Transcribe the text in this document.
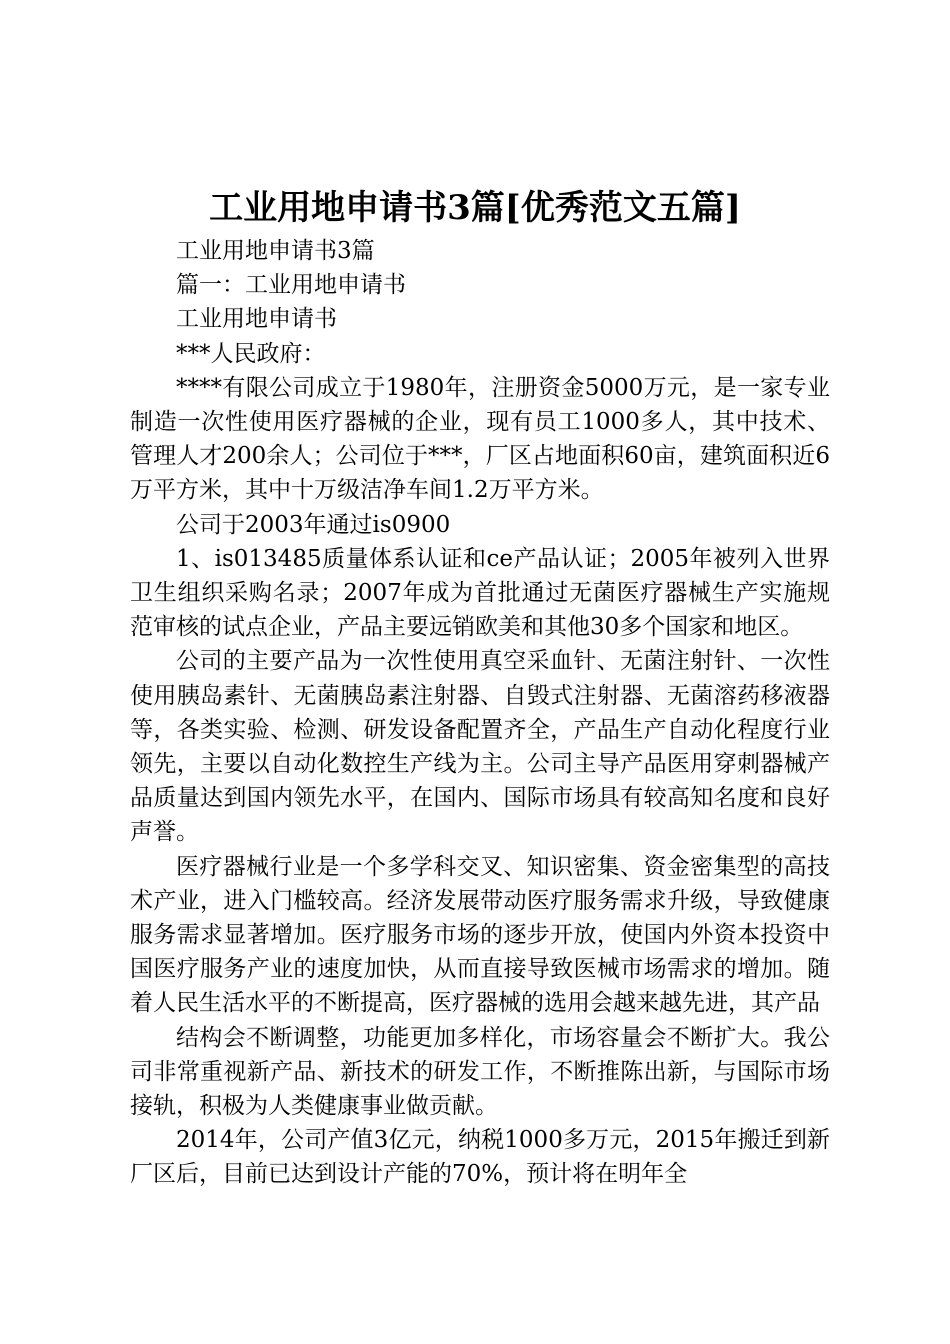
工业用地申请书3篇[优秀范文五篇]

工业用地申请书3篇

篇一：工业用地申请书

工业用地申请书

***人民政府：

****有限公司成立于1980年，注册资金5000万元，是一家专业制造一次性使用医疗器械的企业，现有员工1000多人，其中技术、管理人才200余人；公司位于***，厂区占地面积60亩，建筑面积近6万平方米，其中十万级洁净车间1.2万平方米。

公司于2003年通过is0900

1、is013485质量体系认证和ce产品认证；2005年被列入世界卫生组织采购名录；2007年成为首批通过无菌医疗器械生产实施规范审核的试点企业，产品主要远销欧美和其他30多个国家和地区。

公司的主要产品为一次性使用真空采血针、无菌注射针、一次性使用胰岛素针、无菌胰岛素注射器、自毁式注射器、无菌溶药移液器等，各类实验、检测、研发设备配置齐全，产品生产自动化程度行业领先，主要以自动化数控生产线为主。公司主导产品医用穿刺器械产品质量达到国内领先水平，在国内、国际市场具有较高知名度和良好声誉。

医疗器械行业是一个多学科交叉、知识密集、资金密集型的高技术产业，进入门槛较高。经济发展带动医疗服务需求升级，导致健康服务需求显著增加。医疗服务市场的逐步开放，使国内外资本投资中国医疗服务产业的速度加快，从而直接导致医械市场需求的增加。随着人民生活水平的不断提高，医疗器械的选用会越来越先进，其产品

结构会不断调整，功能更加多样化，市场容量会不断扩大。我公司非常重视新产品、新技术的研发工作，不断推陈出新，与国际市场接轨，积极为人类健康事业做贡献。

2014年，公司产值3亿元，纳税1000多万元，2015年搬迁到新厂区后，目前已达到设计产能的70%，预计将在明年全
